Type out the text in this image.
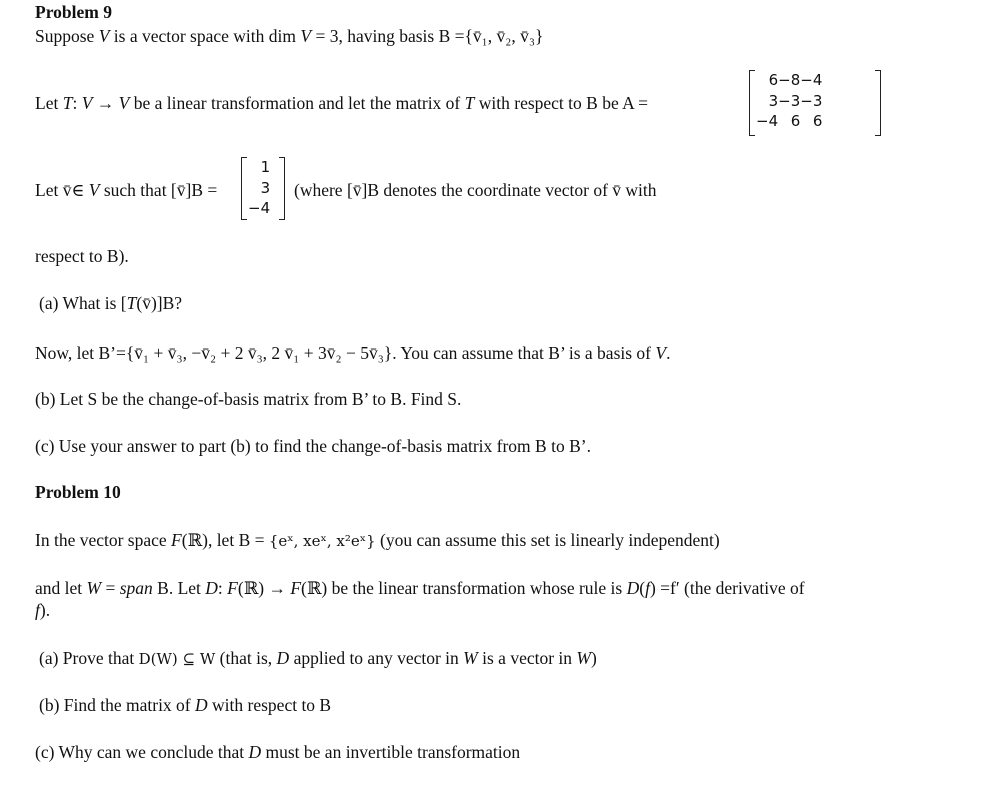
Problem 9
Suppose V is a vector space with dim V = 3, having basis B ={v̄₁, v̄₂, v̄₃}
Let T: V → V be a linear transformation and let the matrix of T with respect to B be A =
6	−8	−4
3	−3	−3
−4	6	6
Let v̄∈ V such that [v̄]B =
1
3
−4
(where [v̄]B denotes the coordinate vector of v̄ with
respect to B).
(a) What is [T(v̄)]B?
Now, let B’={v̄₁ + v̄₃, −v̄₂ + 2 v̄₃, 2 v̄₁ + 3v̄₂ − 5v̄₃}. You can assume that B’ is a basis of V.
(b) Let S be the change-of-basis matrix from B’ to B. Find S.
(c) Use your answer to part (b) to find the change-of-basis matrix from B to B’.
Problem 10
In the vector space F(ℝ), let B = {eˣ, xeˣ, x²eˣ} (you can assume this set is linearly independent)
and let W = span B. Let D: F(ℝ) → F(ℝ) be the linear transformation whose rule is D(f) =f′ (the derivative of
f).
(a) Prove that D(W) ⊆ W (that is, D applied to any vector in W is a vector in W)
(b) Find the matrix of D with respect to B
(c) Why can we conclude that D must be an invertible transformation
